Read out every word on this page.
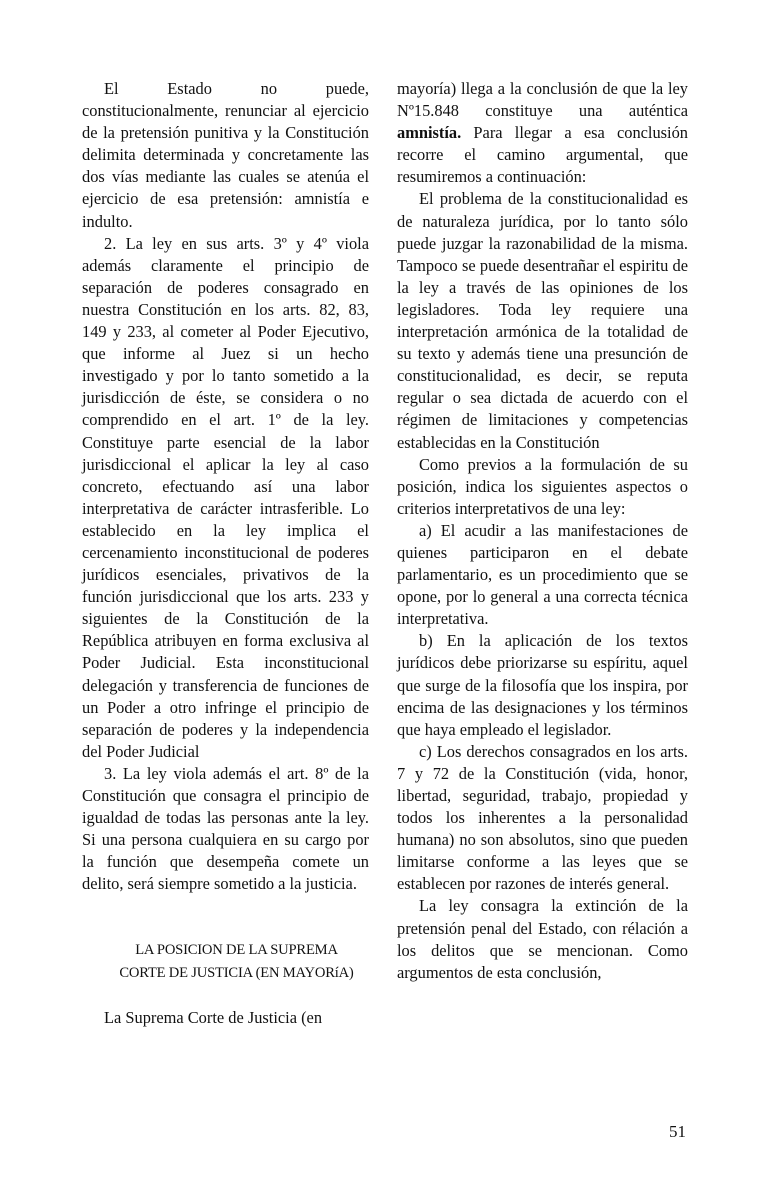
El Estado no puede, constitucionalmente, renunciar al ejercicio de la pretensión punitiva y la Constitución delimita determinada y concretamente las dos vías mediante las cuales se atenúa el ejercicio de esa pretensión: amnistía e indulto.

2. La ley en sus arts. 3º y 4º viola además claramente el principio de separación de poderes consagrado en nuestra Constitución en los arts. 82, 83, 149 y 233, al cometer al Poder Ejecutivo, que informe al Juez si un hecho investigado y por lo tanto sometido a la jurisdicción de éste, se considera o no comprendido en el art. 1º de la ley. Constituye parte esencial de la labor jurisdiccional el aplicar la ley al caso concreto, efectuando así una labor interpretativa de carácter intrasferible. Lo establecido en la ley implica el cercenamiento inconstitucional de poderes jurídicos esenciales, privativos de la función jurisdiccional que los arts. 233 y siguientes de la Constitución de la República atribuyen en forma exclusiva al Poder Judicial. Esta inconstitucional delegación y transferencia de funciones de un Poder a otro infringe el principio de separación de poderes y la independencia del Poder Judicial

3. La ley viola además el art. 8º de la Constitución que consagra el principio de igualdad de todas las personas ante la ley. Si una persona cualquiera en su cargo por la función que desempeña comete un delito, será siempre sometido a la justicia.

LA POSICION DE LA SUPREMA

CORTE DE JUSTICIA (EN MAYORíA)

La Suprema Corte de Justicia (en

mayoría) llega a la conclusión de que la ley Nº15.848 constituye una auténtica amnistía. Para llegar a esa conclusión recorre el camino argumental, que resumiremos a continuación:

El problema de la constitucionalidad es de naturaleza jurídica, por lo tanto sólo puede juzgar la razonabilidad de la misma. Tampoco se puede desentrañar el espiritu de la ley a través de las opiniones de los legisladores. Toda ley requiere una interpretación armónica de la totalidad de su texto y además tiene una presunción de constitucionalidad, es decir, se reputa regular o sea dictada de acuerdo con el régimen de limitaciones y competencias establecidas en la Constitución

Como previos a la formulación de su posición, indica los siguientes aspectos o criterios interpretativos de una ley:

a) El acudir a las manifestaciones de quienes participaron en el debate parlamentario, es un procedimiento que se opone, por lo general a una correcta técnica interpretativa.

b) En la aplicación de los textos jurídicos debe priorizarse su espíritu, aquel que surge de la filosofía que los inspira, por encima de las designaciones y los términos que haya empleado el legislador.

c) Los derechos consagrados en los arts. 7 y 72 de la Constitución (vida, honor, libertad, seguridad, trabajo, propiedad y todos los inherentes a la personalidad humana) no son absolutos, sino que pueden limitarse conforme a las leyes que se establecen por razones de interés general.

La ley consagra la extinción de la pretensión penal del Estado, con rélación a los delitos que se mencionan. Como argumentos de esta conclusión,

51
